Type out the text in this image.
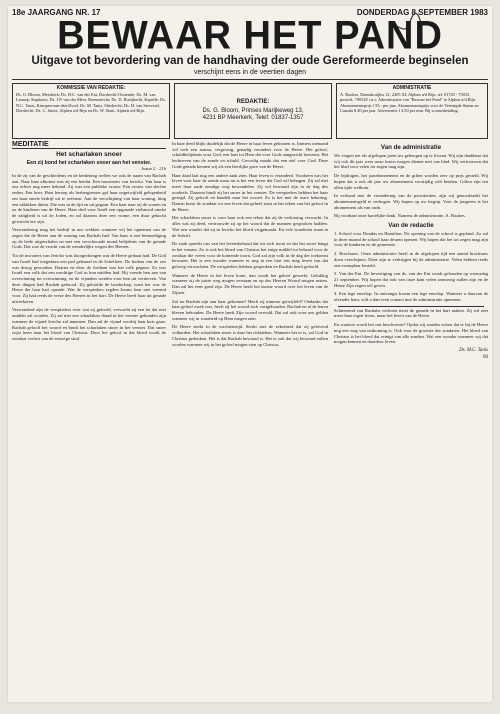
18e JAARGANG NR. 17	DONDERDAG 8 SEPTEMBER 1983
BEWAAR HET PAND
Uitgave tot bevordering van de handhaving der oude Gereformeerde beginselen
verschijnt eens in de veertien dagen
KOMMISSIE VAN REDAKTIE:
Ds. G. Bloom, Meerkerk; Ds. H.C. van der Ent, Dordrecht-Oostende; Ds. M. van Lennep, Staphorst; Ds. J.P. van der Meer, Barendrecht; Ds. D. Boeijbacht, Kapelle; Ds. N.C. Tanis, Krimpen-aan-den-IJssel; Ds. M. Tanis, Sliedrecht; Ds. H. van Stevestel, Dordrecht; Ds. C. Smits, Alphen a/d Rijn en Ds. W. Stam, Alphen a/d Rijn.
REDAKTIE:
Ds. G. Bloom, Prinses Marijkeweg 13,
4231 BP Meerkerk, Telef. 01837-1357
ADMINISTRATIE
A. Boukes, Daenakraijkw 21, 2405 XL Alphen a/d Rijn, tel. 01720 - 75033, postrek. 790528 t.n.v. Administratie van "Bewaar het Pand" te Alphen a/d Rijn. Abonnementsprijs f 55,- per jaar. Abonnementsprijs voor de Verenigde Staten en Canada $ 40 per jaar. Advertentie f 4,50 per mm. Bij vooruitbetaling.
MEDITATIE
Het scharlaken snoer
Een zij bond het scharlaken snoer aan het venster.
Jozua 2 : 21b

In de zij van de geschiedenis en de bediening treffen we ook de naam van Rachab aan. Naar haar afkomst was zij een heidin. Een inwoneres van Jericho. Van haar is ons echter nog meer bekend. Zij was een publieke vrouw. Een vrouw van slechte zeden. Een hoer. Haar beroep als herbergierster gaf haar ongetwijfeld gelegenheid om haar snode bedrijf uit te oefenen. Aan de verschijning van haar woning, hing een afdakken ditten. Die was in de tijd en uit gegaan. Een haar naar zij de wonen en zo de kinderen van de Heere. Haar deel voor Israël een opgaande zielsnood omdat de zaligheid is uit de Joden, en zal daarom deze een vrome, een duur gekocht gewrocht ere zijn.

Verwondering mag het bedrijf in ons wekken wanneer wij het opnemen van de zegen die de Heere aan de woning van Rachab had. Van haar is een bemoediging op de bede uitgeschalen en met een verschoonde mond belijdenis van de genade Gods. Dat was de vrucht van de wonderlijke wegen des Heeren.

Tot de inwoners van Jericho was doorgedrongen wat de Heere gedaan had. De God van Israël had toegedaan een pad gebaand in de Schelfzee. De bodem van de zee was droog geworden. Daarna en door de Jordaan was het volk gegaan. Zo was Israël een volk dat een machtige God in hun midden had. Hij voerde hen aan van overwinning tot overwinning, en de vijanden werden voor hen uit verdreven. Van deze dingen had Rachab gehoord. Zij geloofde de boodschap, want het was de Heere die haar hart opende. Wat de verspieders zegden kwam haar niet vreemd voor. Zij had reeds de vreze des Heeren in het hart. De Heere heeft haar uit genade uitverkoren.

Verwonderd zijn de verspieders over wat zij geloofd, verwacht zij een lot dat niet ontdekt zal worden. Zij zal met een scharlaken draad in het venster gebonden zijn wanneer de vijand Jericho zal innemen. Dan zal de vijand voorbij haar huis gaan. Rachab gelooft het woord en bindt het scharlaken snoer in het venster. Dat snoer wijst heen naar het bloed van Christus. Door het geloof in dat bloed wordt de zondaar verlost van de eeuwige straf.

In haar deed blijkt duidelijk dat de Heere in haar leven gekomen is. Immers niemand wil toch een natuur, vergeving, genadig verandert voor de Heere. Het geloof, schuldbelijdenis voor God, een hart tot Hem dat voor Gods aangezicht beweent. Het bedroeven van de zonde en schuld. Gevoelig maakt dat een ziel voor God. Deze Gods genade kennen wij als een heerlijke gave van de Heere.

Haar daad laat nog een andere zaak zien. Haar leven is veranderd. Voorheen was het leven voor haar de zonde maar nu is het een leven dat God wil behagen. Zij zal niet meer haar oude zondige weg bewandelen. Zij wil bewaard zijn in de dag des oordeels. Daarom bindt zij het snoer in het venster. De verspieders hebben het haar gezegd. Zij gelooft en handelt naar het woord. Zo is het met de ware bekering. Daarin komt de zondaar tot een leven dat geheel staat in het teken van het geloof in de Heere.

Het scharlaken snoer is voor haar ook een teken dat zij de verlossing verwacht. In alles wat zij deed, vertrouwde zij op het woord dat de mannen gesproken hadden. Wat een wonder dat zij in Jericho het bloed vrijgemaakt. En vele wonderen staan in de Schrift.

De zaak spreekt ons van het levensbehoud dat uit zich toont en dat het snoer hangt in het venster. Zo is ook het bloed van Christus het enige middel tot behoud voor de zondaar die vreest voor de komende toorn. God zal zijn volk in de dag der toekomst bewaren. Het is een wonder wanneer er nog in een hart iets mag leven van dat gelovig verwachten. De verspieders hebben gesproken en Rachab heeft geloofd.

Wanneer de Heere in het leven komt, dan wordt het geloof gewerkt. Gelukkig wanneer zij de juiste weg mogen verstaan en op des Heeren Woord mogen rusten. Dan zal het eens goed zijn. De Heere heeft het laatste woord over het leven van de Zijnen.

Zal nu Rachab zijn aan haar gekomen? Heeft zij nimmer getwijfeld? Ondanks dat haar geloof zwak was, heeft zij het woord toch vastgehouden. Rachab en al de haren bleven behouden. De Heere heeft Zijn woord vervuld. Dat zal ook voor ons gelden wanneer wij in waarheid op Hem mogen zien.

De Heere sterkt in de wachtenstijd. Sterkt met de zekerheid dat zij gelovend volharden. Het scharlaken snoer is daar het richtteken. Wanneer het er is, zal God in Christus gedenken. Het is dat Rachab bewaard is. Het is ook dat wij bewaard zullen worden wanneer wij in het geloof mogen zien op Christus.

Van de administratie

We vragen net als afgelopen jaren uw geheugen op te frissen. Wij zijn dankbaar dat wij ook dit jaar weer onze lezers mogen dienen met ons blad. Wij vertrouwen dat het blad voor velen tot zegen mag zijn.

De bijdragen, het jaarabonnement en de giften worden zeer op prijs gesteld. Wij hopen dat u ook dit jaar uw abonnement voortijdig wilt betalen. Giften zijn ten allen tijde welkom.

In verband met de verandering van de portokosten, zijn wij genoodzaakt het abonnementsgeld te verhogen. Wij hopen op uw begrip. Voor de jongeren is het abonnement als van ouds.

Bij voorbaat onze hartelijke dank. Namens de administratie, A. Boukes.

Van de redactie

1. School voor Dundas en Hamilton. De opening van de school is gepland. Zo zal in deze maand de school haar deuren openen. Wij hopen dat het tot zegen mag zijn voor de kinderen en de gemeente.

2. Brochures. Onze administratie heeft in de afgelopen tijd een aantal brochures doen verschijnen. Deze zijn te verkrijgen bij de administratie. Velen hebben reeds een exemplaar besteld.

3. Van der Ent. De bevestiging van ds. van der Ent wordt gehouden op woensdag 21 september. Wij hopen dat ook van onze kant velen aanwezig zullen zijn en de Heere Zijn zegen wil geven.

4. Een lege envelop. In ontvangst kwam een lege envelop. Wanneer u daarvan de afzender bent, wilt u dan even contact met de administratie opnemen.

Schitterend van Rachabs verloren moet de genade in het hart maken. Zij wil niet meer haar eigen leven, maar het leven van de Heere.

En waartoe wordt het ons beschreven? Opdat wij zouden weten dat er bij de Heere nog een weg van ontkoming is. Ook voor de grootste der zondaren. Het bloed van Christus is het bloed dat reinigt van alle zonden. Wat een wonder wanneer wij dat mogen kennen en daardoor leven.

Ds. M.C. Tanis
69
